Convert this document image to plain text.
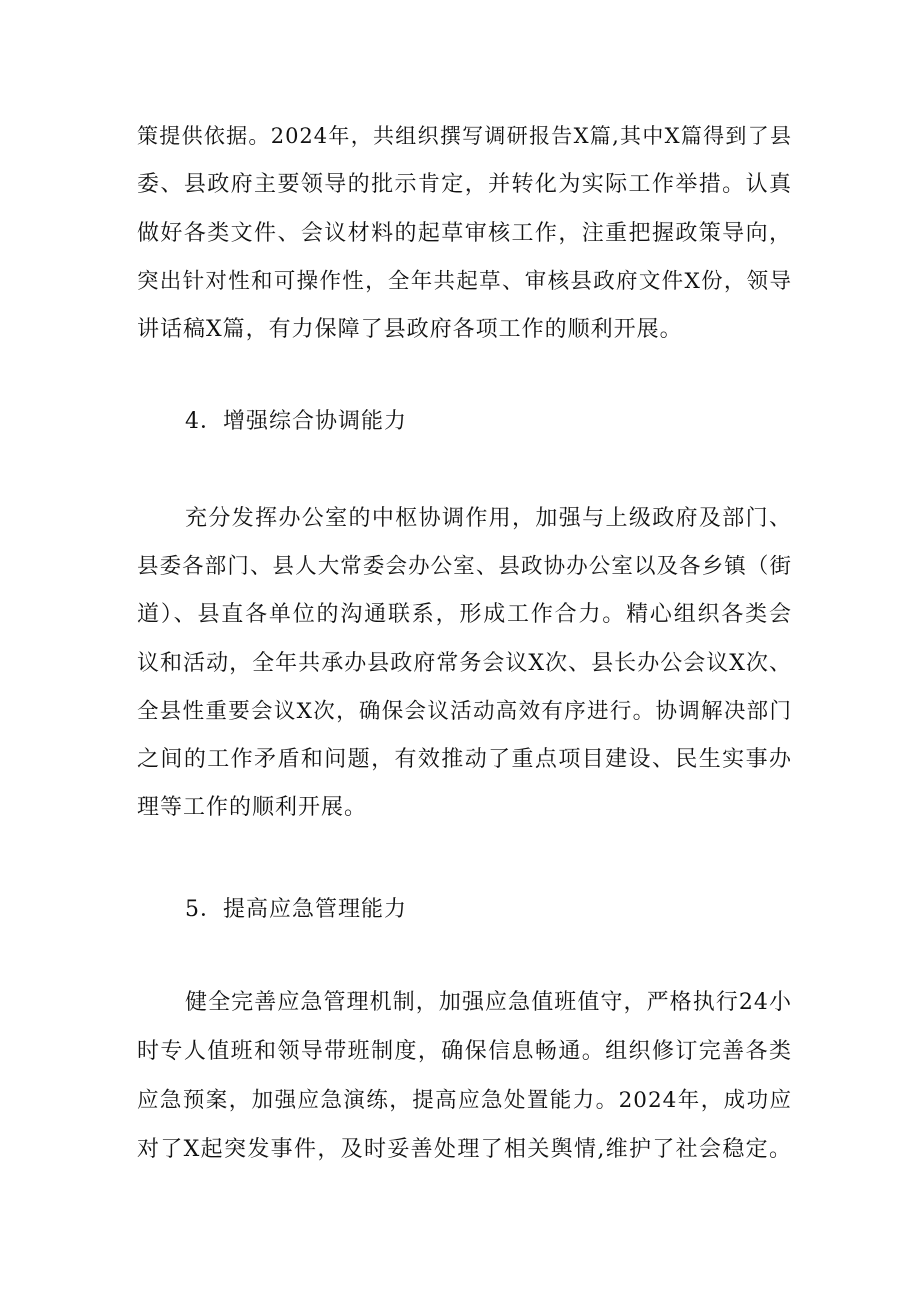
策提供依据。2024年，共组织撰写调研报告X篇,其中X篇得到了县
委、县政府主要领导的批示肯定，并转化为实际工作举措。认真
做好各类文件、会议材料的起草审核工作，注重把握政策导向，
突出针对性和可操作性，全年共起草、审核县政府文件X份，领导
讲话稿X篇，有力保障了县政府各项工作的顺利开展。
4．增强综合协调能力
充分发挥办公室的中枢协调作用，加强与上级政府及部门、
县委各部门、县人大常委会办公室、县政协办公室以及各乡镇（街
道）、县直各单位的沟通联系，形成工作合力。精心组织各类会
议和活动，全年共承办县政府常务会议X次、县长办公会议X次、
全县性重要会议X次，确保会议活动高效有序进行。协调解决部门
之间的工作矛盾和问题，有效推动了重点项目建设、民生实事办
理等工作的顺利开展。
5．提高应急管理能力
健全完善应急管理机制，加强应急值班值守，严格执行24小
时专人值班和领导带班制度，确保信息畅通。组织修订完善各类
应急预案，加强应急演练，提高应急处置能力。2024年，成功应
对了X起突发事件，及时妥善处理了相关舆情,维护了社会稳定。
